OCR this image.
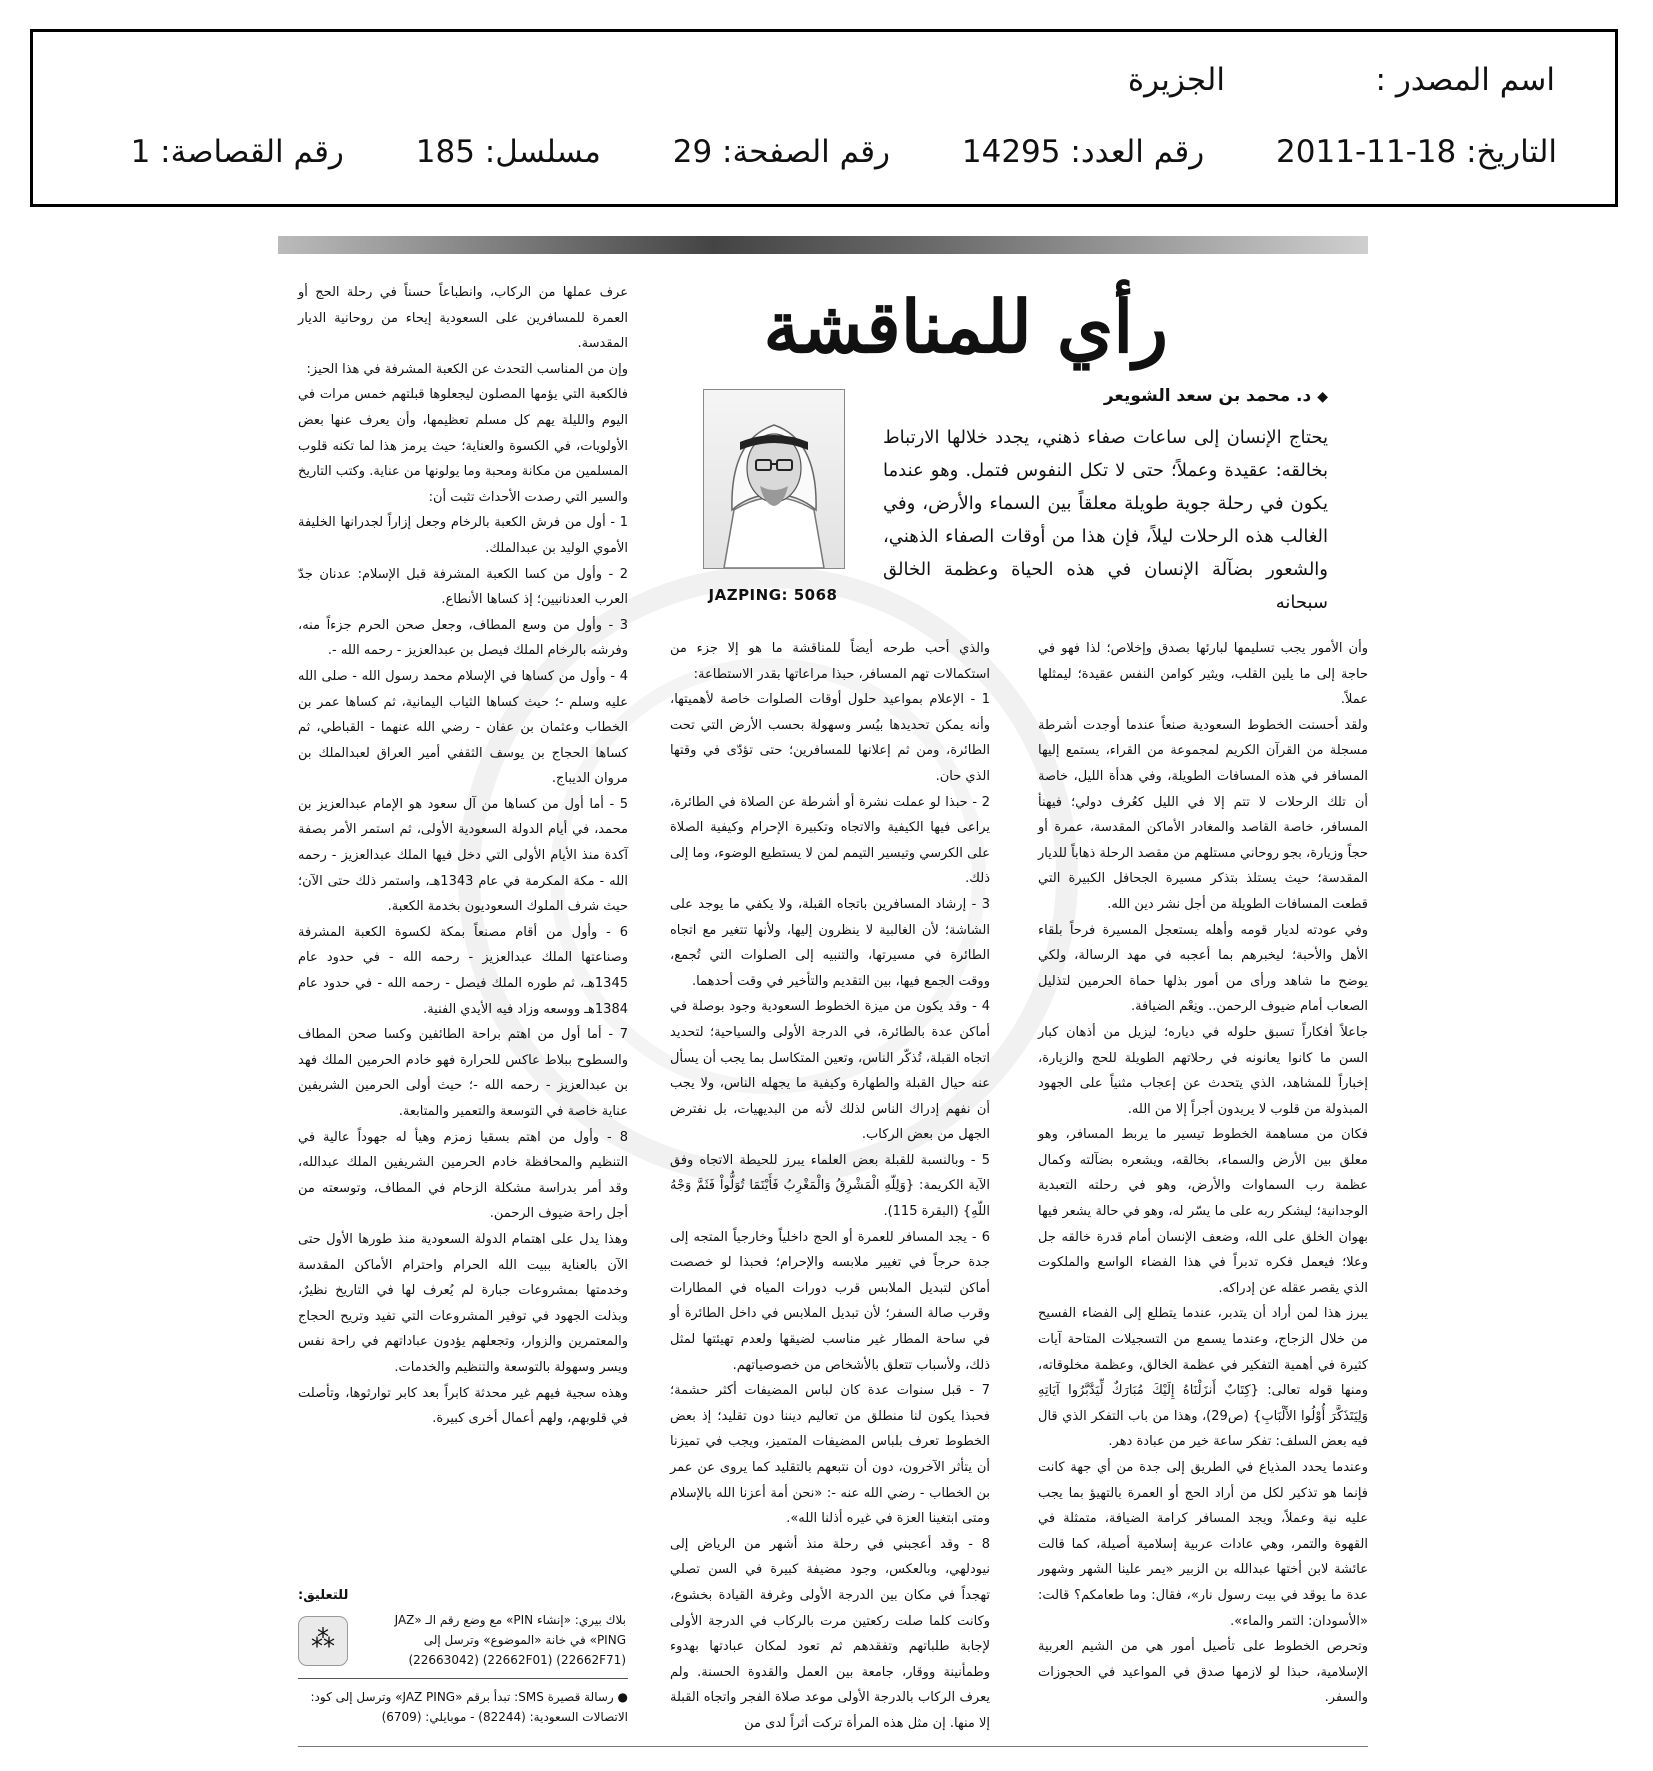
اسم المصدر :
الجزيرة
التاريخ: 18-11-2011 رقم العدد: 14295 رقم الصفحة: 29 مسلسل: 185 رقم القصاصة: 1
رأي للمناقشة
◆د. محمد بن سعد الشويعر

يحتاج الإنسان إلى ساعات صفاء ذهني، يجدد خلالها الارتباط بخالقه: عقيدة وعملاً؛ حتى لا تكل النفوس فتمل. وهو عندما يكون في رحلة جوية طويلة معلقاً بين السماء والأرض، وفي الغالب هذه الرحلات ليلاً، فإن هذا من أوقات الصفاء الذهني، والشعور بضآلة الإنسان في هذه الحياة وعظمة الخالق سبحانه

JAZPING: 5068

وأن الأمور يجب تسليمها لبارئها بصدق وإخلاص؛ لذا فهو في حاجة إلى ما يلين القلب، ويثير كوامن النفس عقيدة؛ ليمثلها عملاً.

ولقد أحسنت الخطوط السعودية صنعاً عندما أوجدت أشرطة مسجلة من القرآن الكريم لمجموعة من القراء، يستمع إليها المسافر في هذه المسافات الطويلة، وفي هدأة الليل، خاصة أن تلك الرحلات لا تتم إلا في الليل كعُرف دولي؛ فيهنأ المسافر، خاصة القاصد والمغادر الأماكن المقدسة، عمرة أو حجاً وزيارة، بجو روحاني مستلهم من مقصد الرحلة ذهاباً للديار المقدسة؛ حيث يستلذ بتذكر مسيرة الجحافل الكبيرة التي قطعت المسافات الطويلة من أجل نشر دين الله.

وفي عودته لديار قومه وأهله يستعجل المسيرة فرحاً بلقاء الأهل والأحبة؛ ليخبرهم بما أعجبه في مهد الرسالة، ولكي يوضح ما شاهد ورأى من أمور بذلها حماة الحرمين لتذليل الصعاب أمام ضيوف الرحمن.. ونِعْم الضيافة.

جاعلاً أفكاراً تسبق حلوله في دياره؛ ليزيل من أذهان كبار السن ما كانوا يعانونه في رحلاتهم الطويلة للحج والزيارة، إخباراً للمشاهد، الذي يتحدث عن إعجاب مثنياً على الجهود المبذولة من قلوب لا يريدون أجراً إلا من الله.

فكان من مساهمة الخطوط تيسير ما يربط المسافر، وهو معلق بين الأرض والسماء، بخالقه، ويشعره بضآلته وكمال عظمة رب السماوات والأرض، وهو في رحلته التعبدية الوجدانية؛ ليشكر ربه على ما يسّر له، وهو في حالة يشعر فيها بهوان الخلق على الله، وضعف الإنسان أمام قدرة خالقه جل وعلا؛ فيعمل فكره تدبراً في هذا الفضاء الواسع والملكوت الذي يقصر عقله عن إدراكه.

يبرز هذا لمن أراد أن يتدبر، عندما يتطلع إلى الفضاء الفسيح من خلال الزجاج، وعندما يسمع من التسجيلات المتاحة آيات كثيرة في أهمية التفكير في عظمة الخالق، وعظمة مخلوقاته، ومنها قوله تعالى: {كِتَابٌ أَنزَلْنَاهُ إِلَيْكَ مُبَارَكٌ لِّيَدَّبَّرُوا آيَاتِهِ وَلِيَتَذَكَّرَ أُوْلُوا الأَلْبَابِ} (ص29)، وهذا من باب التفكر الذي قال فيه بعض السلف: تفكر ساعة خير من عبادة دهر.

وعندما يحدد المذياع في الطريق إلى جدة من أي جهة كانت فإنما هو تذكير لكل من أراد الحج أو العمرة بالتهيؤ بما يجب عليه نية وعملاً، ويجد المسافر كرامة الضيافة، متمثلة في القهوة والتمر، وهي عادات عربية إسلامية أصيلة، كما قالت عائشة لابن أختها عبدالله بن الزبير «يمر علينا الشهر وشهور عدة ما يوقد في بيت رسول نار»، فقال: وما طعامكم؟ قالت: «الأسودان: التمر والماء».

وتحرص الخطوط على تأصيل أمور هي من الشيم العربية الإسلامية، حبذا لو لازمها صدق في المواعيد في الحجوزات والسفر.

والذي أحب طرحه أيضاً للمناقشة ما هو إلا جزء من استكمالات تهم المسافر، حبذا مراعاتها بقدر الاستطاعة:

1 - الإعلام بمواعيد حلول أوقات الصلوات خاصة لأهميتها، وأنه يمكن تحديدها بيُسر وسهولة بحسب الأرض التي تحت الطائرة، ومن ثم إعلانها للمسافرين؛ حتى تؤدّى في وقتها الذي حان.

2 - حبذا لو عملت نشرة أو أشرطة عن الصلاة في الطائرة، يراعى فيها الكيفية والاتجاه وتكبيرة الإحرام وكيفية الصلاة على الكرسي وتيسير التيمم لمن لا يستطيع الوضوء، وما إلى ذلك.

3 - إرشاد المسافرين باتجاه القبلة، ولا يكفي ما يوجد على الشاشة؛ لأن الغالبية لا ينظرون إليها، ولأنها تتغير مع اتجاه الطائرة في مسيرتها، والتنبيه إلى الصلوات التي تُجمع، ووقت الجمع فيها، بين التقديم والتأخير في وقت أحدهما.

4 - وقد يكون من ميزة الخطوط السعودية وجود بوصلة في أماكن عدة بالطائرة، في الدرجة الأولى والسياحية؛ لتحديد اتجاه القبلة، تُذكّر الناس، وتعين المتكاسل بما يجب أن يسأل عنه حيال القبلة والطهارة وكيفية ما يجهله الناس، ولا يجب أن نفهم إدراك الناس لذلك لأنه من البديهيات، بل نفترض الجهل من بعض الركاب.

5 - وبالنسبة للقبلة بعض العلماء يبرز للحيطة الاتجاه وفق الآية الكريمة: {وَلِلّهِ الْمَشْرِقُ وَالْمَغْرِبُ فَأَيْنَمَا تُوَلُّواْ فَثَمَّ وَجْهُ اللّهِ} (البقرة 115).

6 - يجد المسافر للعمرة أو الحج داخلياً وخارجياً المتجه إلى جدة حرجاً في تغيير ملابسه والإحرام؛ فحبذا لو خصصت أماكن لتبديل الملابس قرب دورات المياه في المطارات وقرب صالة السفر؛ لأن تبديل الملابس في داخل الطائرة أو في ساحة المطار غير مناسب لضيقها ولعدم تهيئتها لمثل ذلك، ولأسباب تتعلق بالأشخاص من خصوصياتهم.

7 - قبل سنوات عدة كان لباس المضيفات أكثر حشمة؛ فحبذا يكون لنا منطلق من تعاليم ديننا دون تقليد؛ إذ بعض الخطوط تعرف بلباس المضيفات المتميز، ويجب في تميزنا أن يتأثر الآخرون، دون أن نتبعهم بالتقليد كما يروى عن عمر بن الخطاب - رضي الله عنه -: «نحن أمة أعزنا الله بالإسلام ومتى ابتغينا العزة في غيره أذلنا الله».

8 - وقد أعجبني في رحلة منذ أشهر من الرياض إلى نيودلهي، وبالعكس، وجود مضيفة كبيرة في السن تصلي تهجداً في مكان بين الدرجة الأولى وغرفة القيادة بخشوع، وكانت كلما صلت ركعتين مرت بالركاب في الدرجة الأولى لإجابة طلباتهم وتفقدهم ثم تعود لمكان عبادتها بهدوء وطمأنينة ووقار، جامعة بين العمل والقدوة الحسنة. ولم يعرف الركاب بالدرجة الأولى موعد صلاة الفجر واتجاه القبلة إلا منها. إن مثل هذه المرأة تركت أثراً لدى من

عرف عملها من الركاب، وانطباعاً حسناً في رحلة الحج أو العمرة للمسافرين على السعودية إيحاء من روحانية الديار المقدسة.

وإن من المناسب التحدث عن الكعبة المشرفة في هذا الحيز:

فالكعبة التي يؤمها المصلون ليجعلوها قبلتهم خمس مرات في اليوم والليلة يهم كل مسلم تعظيمها، وأن يعرف عنها بعض الأولويات، في الكسوة والعناية؛ حيث يرمز هذا لما تكنه قلوب المسلمين من مكانة ومحبة وما يولونها من عناية. وكتب التاريخ والسير التي رصدت الأحداث تثبت أن:

1 - أول من فرش الكعبة بالرخام وجعل إزاراً لجدرانها الخليفة الأموي الوليد بن عبدالملك.

2 - وأول من كسا الكعبة المشرفة قبل الإسلام: عدنان جدّ العرب العدنانيين؛ إذ كساها الأنطاع.

3 - وأول من وسع المطاف، وجعل صحن الحرم جزءاً منه، وفرشه بالرخام الملك فيصل بن عبدالعزيز - رحمه الله -.

4 - وأول من كساها في الإسلام محمد رسول الله - صلى الله عليه وسلم -؛ حيث كساها الثياب اليمانية، ثم كساها عمر بن الخطاب وعثمان بن عفان - رضي الله عنهما - القباطي، ثم كساها الحجاج بن يوسف الثقفي أمير العراق لعبدالملك بن مروان الديباج.

5 - أما أول من كساها من آل سعود هو الإمام عبدالعزيز بن محمد، في أيام الدولة السعودية الأولى، ثم استمر الأمر بصفة آكدة منذ الأيام الأولى التي دخل فيها الملك عبدالعزيز - رحمه الله - مكة المكرمة في عام 1343هـ، واستمر ذلك حتى الآن؛ حيث شرف الملوك السعوديون بخدمة الكعبة.

6 - وأول من أقام مصنعاً بمكة لكسوة الكعبة المشرفة وصناعتها الملك عبدالعزيز - رحمه الله - في حدود عام 1345هـ، ثم طوره الملك فيصل - رحمه الله - في حدود عام 1384هـ ووسعه وزاد فيه الأيدي الفنية.

7 - أما أول من اهتم براحة الطائفين وكسا صحن المطاف والسطوح ببلاط عاكس للحرارة فهو خادم الحرمين الملك فهد بن عبدالعزيز - رحمه الله -؛ حيث أولى الحرمين الشريفين عناية خاصة في التوسعة والتعمير والمتابعة.

8 - وأول من اهتم بسقيا زمزم وهيأ له جهوداً عالية في التنظيم والمحافظة خادم الحرمين الشريفين الملك عبدالله، وقد أمر بدراسة مشكلة الزحام في المطاف، وتوسعته من أجل راحة ضيوف الرحمن.

وهذا يدل على اهتمام الدولة السعودية منذ طورها الأول حتى الآن بالعناية ببيت الله الحرام واحترام الأماكن المقدسة وخدمتها بمشروعات جبارة لم يُعرف لها في التاريخ نظيرٌ، وبذلت الجهود في توفير المشروعات التي تفيد وتريح الحجاج والمعتمرين والزوار، وتجعلهم يؤدون عباداتهم في راحة نفس ويسر وسهولة بالتوسعة والتنظيم والخدمات.

وهذه سجية فيهم غير محدثة كابراً بعد كابر توارثوها، وتأصلت في قلوبهم، ولهم أعمال أخرى كبيرة.

للتعليق:
⁂
بلاك بيري: «إنشاء PIN» مع وضع رقم الـ «JAZ PING» في خانة «الموضوع» وترسل إلى (22662F71) (22662F01) (22663042)
● رسالة قصيرة SMS: تبدأ برقم «JAZ PING» وترسل إلى كود: الاتصالات السعودية: (82244) - موبايلي: (6709)
